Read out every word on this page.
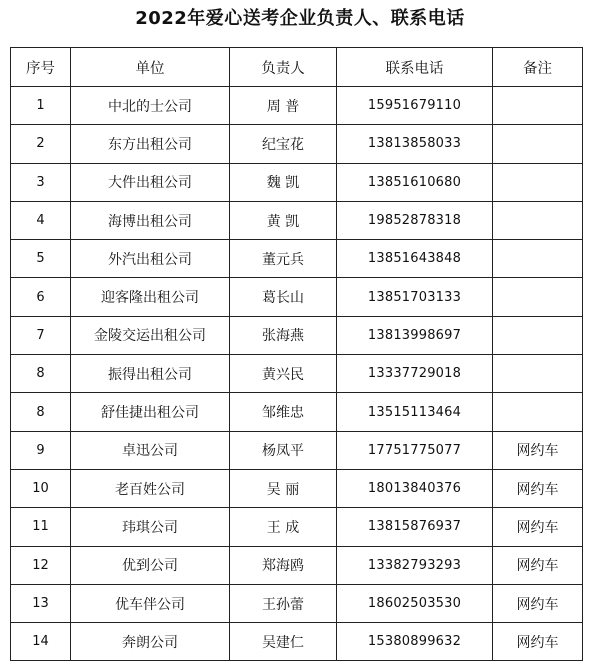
2022年爱心送考企业负责人、联系电话
序号	单位	负责人	联系电话	备注
1	中北的士公司	周 普	15951679110	
2	东方出租公司	纪宝花	13813858033	
3	大件出租公司	魏 凯	13851610680	
4	海博出租公司	黄 凯	19852878318	
5	外汽出租公司	董元兵	13851643848	
6	迎客隆出租公司	葛长山	13851703133	
7	金陵交运出租公司	张海燕	13813998697	
8	振得出租公司	黄兴民	13337729018	
8	舒佳捷出租公司	邹维忠	13515113464	
9	卓迅公司	杨凤平	17751775077	网约车
10	老百姓公司	吴 丽	18013840376	网约车
11	玮琪公司	王 成	13815876937	网约车
12	优到公司	郑海鸥	13382793293	网约车
13	优车伴公司	王孙蕾	18602503530	网约车
14	奔朗公司	吴建仁	15380899632	网约车
